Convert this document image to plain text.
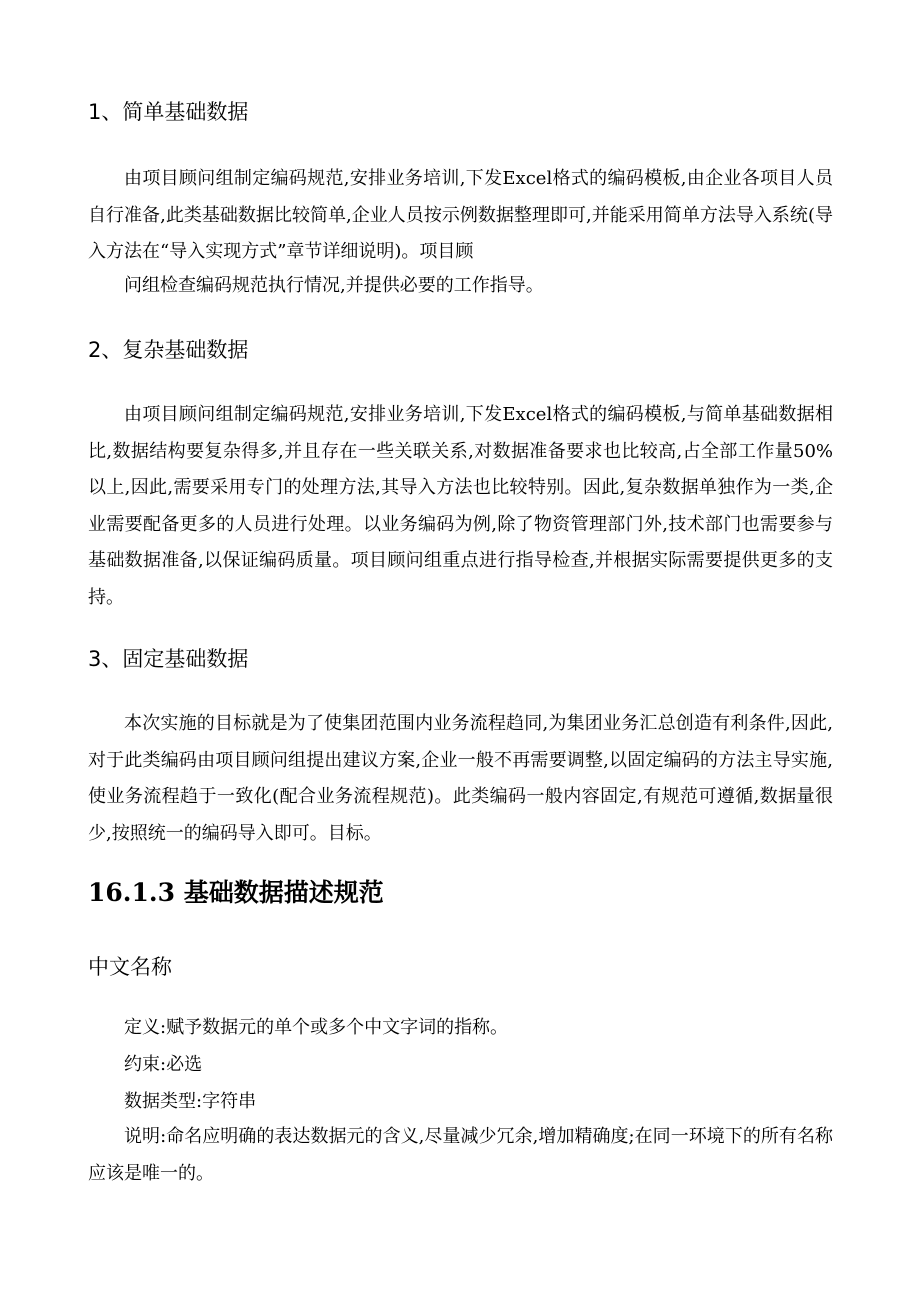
1、简单基础数据

由项目顾问组制定编码规范,安排业务培训,下发Excel格式的编码模板,由企业各项目人员自行准备,此类基础数据比较简单,企业人员按示例数据整理即可,并能采用简单方法导入系统(导入方法在“导入实现方式”章节详细说明)。项目顾

问组检查编码规范执行情况,并提供必要的工作指导。

2、复杂基础数据

由项目顾问组制定编码规范,安排业务培训,下发Excel格式的编码模板,与简单基础数据相比,数据结构要复杂得多,并且存在一些关联关系,对数据准备要求也比较高,占全部工作量50%以上,因此,需要采用专门的处理方法,其导入方法也比较特别。因此,复杂数据单独作为一类,企业需要配备更多的人员进行处理。以业务编码为例,除了物资管理部门外,技术部门也需要参与基础数据准备,以保证编码质量。项目顾问组重点进行指导检查,并根据实际需要提供更多的支持。

3、固定基础数据

本次实施的目标就是为了使集团范围内业务流程趋同,为集团业务汇总创造有利条件,因此,对于此类编码由项目顾问组提出建议方案,企业一般不再需要调整,以固定编码的方法主导实施,使业务流程趋于一致化(配合业务流程规范)。此类编码一般内容固定,有规范可遵循,数据量很少,按照统一的编码导入即可。目标。

16.1.3 基础数据描述规范
中文名称

定义:赋予数据元的单个或多个中文字词的指称。

约束:必选

数据类型:字符串

说明:命名应明确的表达数据元的含义,尽量减少冗余,增加精确度;在同一环境下的所有名称应该是唯一的。
